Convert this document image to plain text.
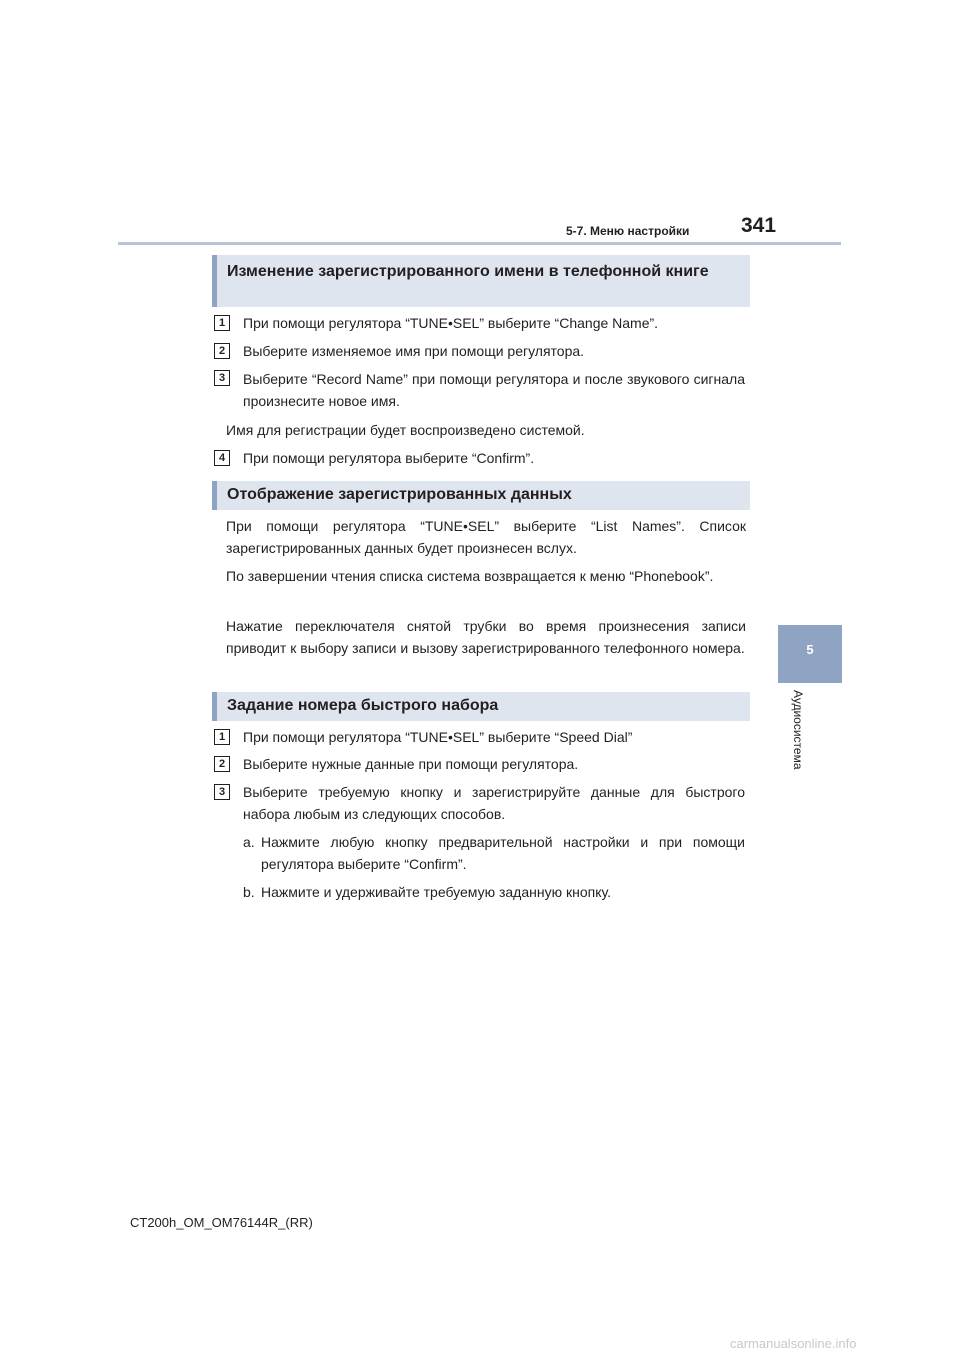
5-7. Меню настройки 341
5
Аудиосистема
Изменение зарегистрированного имени в телефонной книге
1	При помощи регулятора “TUNE•SEL” выберите “Change Name”.
2	Выберите изменяемое имя при помощи регулятора.
3	Выберите “Record Name” при помощи регулятора и после звукового сигнала произнесите новое имя.
Имя для регистрации будет воспроизведено системой.
4	При помощи регулятора выберите “Confirm”.
Отображение зарегистрированных данных
При помощи регулятора “TUNE•SEL” выберите “List Names”. Список зарегистрированных данных будет произнесен вслух.
По завершении чтения списка система возвращается к меню “Phonebook”.
Нажатие переключателя снятой трубки во время произнесения записи приводит к выбору записи и вызову зарегистрированного телефонного номера.
Задание номера быстрого набора
1	При помощи регулятора “TUNE•SEL” выберите “Speed Dial”
2	Выберите нужные данные при помощи регулятора.
3	Выберите требуемую кнопку и зарегистрируйте данные для быстрого набора любым из следующих способов.
a. Нажмите любую кнопку предварительной настройки и при помощи регулятора выберите “Confirm”.
b. Нажмите и удерживайте требуемую заданную кнопку.
CT200h_OM_OM76144R_(RR)
carmanualsonline.info
